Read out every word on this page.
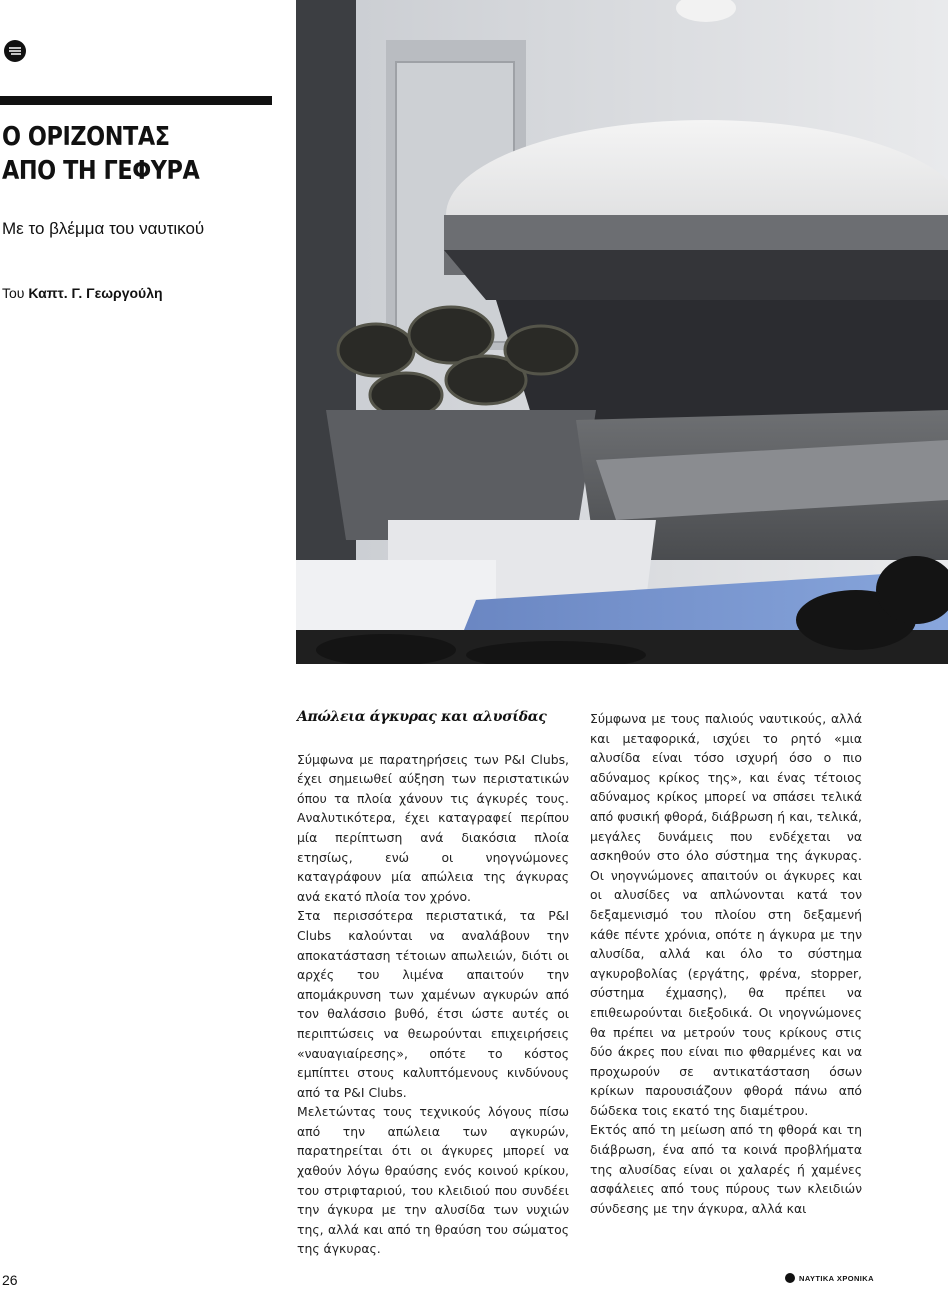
Ο ΟΡΙΖΟΝΤΑΣ
ΑΠΟ ΤΗ ΓΕΦΥΡΑ
Με το βλέμμα του ναυτικού
Του Καπτ. Γ. Γεωργούλη

Απώλεια άγκυρας και αλυσίδας

Σύμφωνα με παρατηρήσεις των P&I Clubs, έχει σημειωθεί αύξηση των περιστατικών όπου τα πλοία χάνουν τις άγκυρές τους. Αναλυτικότερα, έχει καταγραφεί περίπου μία περίπτωση ανά διακόσια πλοία ετησίως, ενώ οι νηογνώμονες καταγράφουν μία απώλεια της άγκυρας ανά εκατό πλοία τον χρόνο.

Στα περισσότερα περιστατικά, τα P&I Clubs καλούνται να αναλάβουν την αποκατάσταση τέτοιων απωλειών, διότι οι αρχές του λιμένα απαιτούν την απομάκρυνση των χαμένων αγκυρών από τον θαλάσσιο βυθό, έτσι ώστε αυτές οι περιπτώσεις να θεωρούνται επιχειρήσεις «ναυαγιαίρεσης», οπότε το κόστος εμπίπτει στους καλυπτόμενους κινδύνους από τα P&I Clubs.

Μελετώντας τους τεχνικούς λόγους πίσω από την απώλεια των αγκυρών, παρατηρείται ότι οι άγκυρες μπορεί να χαθούν λόγω θραύσης ενός κοινού κρίκου, του στριφταριού, του κλειδιού που συνδέει την άγκυρα με την αλυσίδα των νυχιών της, αλλά και από τη θραύση του σώματος της άγκυρας.

Σύμφωνα με τους παλιούς ναυτικούς, αλλά και μεταφορικά, ισχύει το ρητό «μια αλυσίδα είναι τόσο ισχυρή όσο ο πιο αδύναμος κρίκος της», και ένας τέτοιος αδύναμος κρίκος μπορεί να σπάσει τελικά από φυσική φθορά, διάβρωση ή και, τελικά, μεγάλες δυνάμεις που ενδέχεται να ασκηθούν στο όλο σύστημα της άγκυρας. Οι νηογνώμονες απαιτούν οι άγκυρες και οι αλυσίδες να απλώνονται κατά τον δεξαμενισμό του πλοίου στη δεξαμενή κάθε πέντε χρόνια, οπότε η άγκυρα με την αλυσίδα, αλλά και όλο το σύστημα αγκυροβολίας (εργάτης, φρένα, stopper, σύστημα έχμασης), θα πρέπει να επιθεωρούνται διεξοδικά. Οι νηογνώμονες θα πρέπει να μετρούν τους κρίκους στις δύο άκρες που είναι πιο φθαρμένες και να προχωρούν σε αντικατάσταση όσων κρίκων παρουσιάζουν φθορά πάνω από δώδεκα τοις εκατό της διαμέτρου.

Εκτός από τη μείωση από τη φθορά και τη διάβρωση, ένα από τα κοινά προβλήματα της αλυσίδας είναι οι χαλαρές ή χαμένες ασφάλειες από τους πύρους των κλειδιών σύνδεσης με την άγκυρα, αλλά και

26	ΝΑΥΤΙΚΑ ΧΡΟΝΙΚΑ
